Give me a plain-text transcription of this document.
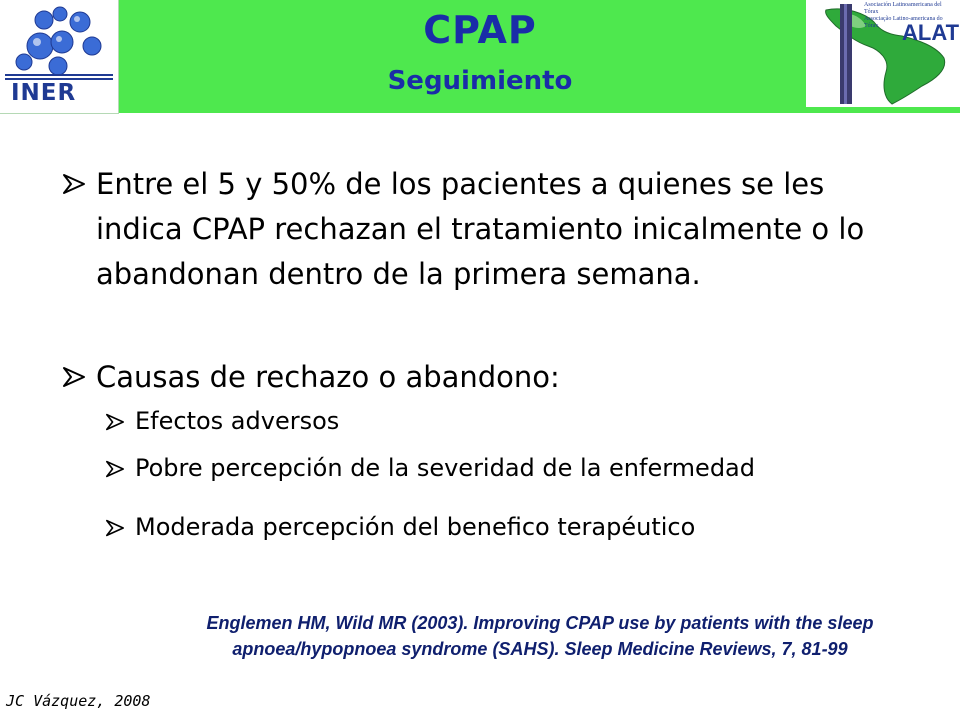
INER
CPAP
Seguimiento
Asociación Latinoamericana del Tórax
Associação Latino-americana do Tórax	ALAT
Entre el 5 y 50% de los pacientes a quienes se les indica CPAP rechazan el tratamiento inicalmente o lo abandonan dentro de la primera semana.
Causas de rechazo o abandono:
Efectos adversos
Pobre percepción de la severidad de la enfermedad
Moderada percepción del benefico terapéutico
Englemen HM, Wild MR (2003). Improving CPAP use by patients with the sleep
apnoea/hypopnoea syndrome (SAHS). Sleep Medicine Reviews, 7, 81-99
JC Vázquez, 2008
